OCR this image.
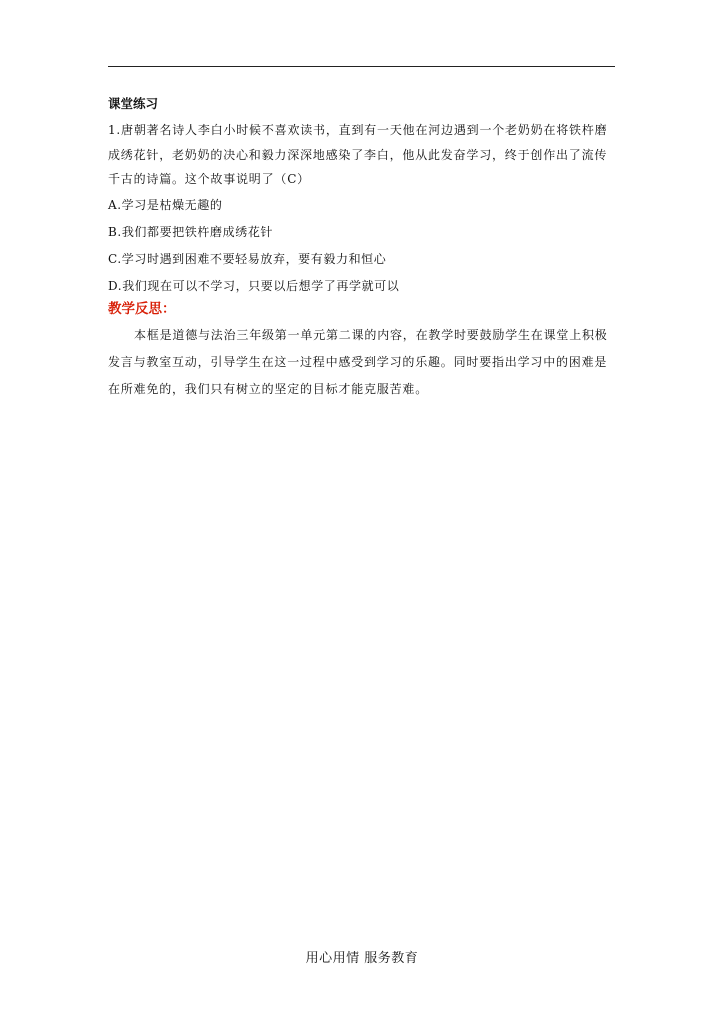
课堂练习
1.唐朝著名诗人李白小时候不喜欢读书，直到有一天他在河边遇到一个老奶奶在将铁杵磨
成绣花针，老奶奶的决心和毅力深深地感染了李白，他从此发奋学习，终于创作出了流传
千古的诗篇。这个故事说明了（C）
A.学习是枯燥无趣的
B.我们都要把铁杵磨成绣花针
C.学习时遇到困难不要轻易放弃，要有毅力和恒心
D.我们现在可以不学习，只要以后想学了再学就可以
教学反思：
本框是道德与法治三年级第一单元第二课的内容，在教学时要鼓励学生在课堂上积极
发言与教室互动，引导学生在这一过程中感受到学习的乐趣。同时要指出学习中的困难是
在所难免的，我们只有树立的坚定的目标才能克服苦难。
用心用情 服务教育
